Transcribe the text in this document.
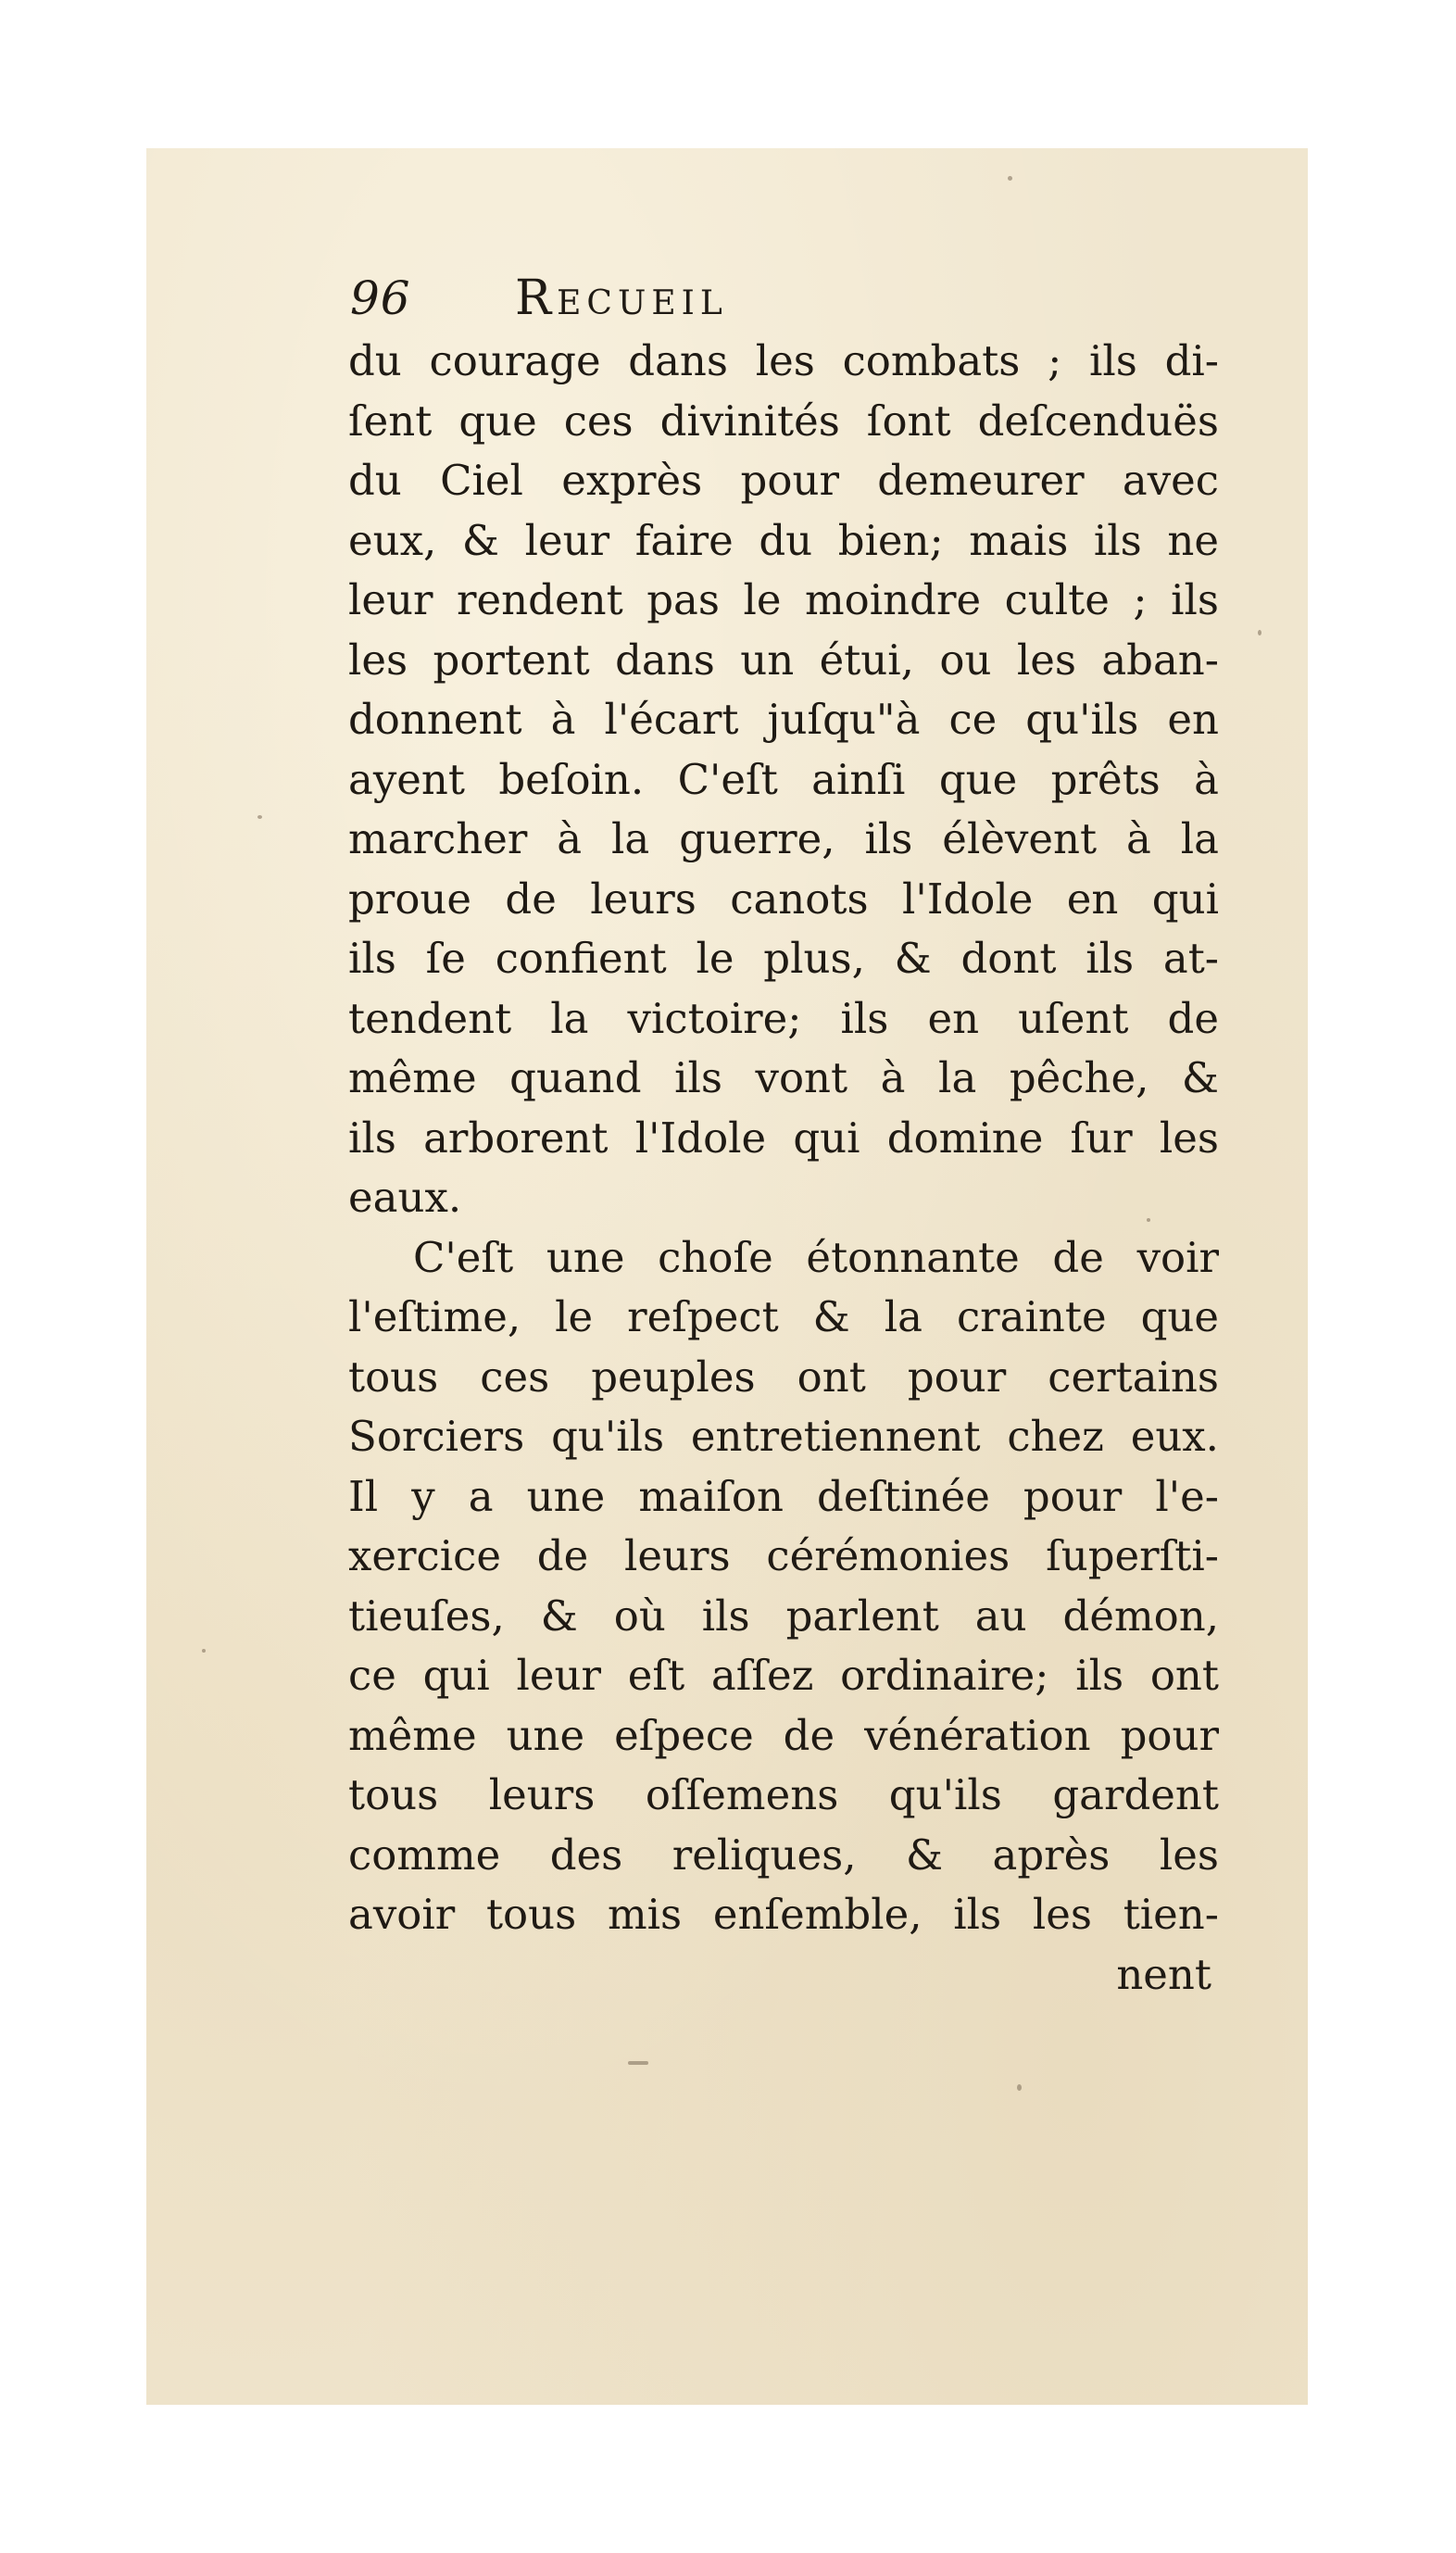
96 Recueil
du courage dans les combats ; ils di-
ſent que ces divinités ſont deſcenduës
du Ciel exprès pour demeurer avec
eux, & leur faire du bien; mais ils ne
leur rendent pas le moindre culte ; ils
les portent dans un étui, ou les aban-
donnent à l'écart juſqu"à ce qu'ils en
ayent beſoin. C'eſt ainſi que prêts à
marcher à la guerre, ils élèvent à la
proue de leurs canots l'Idole en qui
ils ſe confient le plus, & dont ils at-
tendent la victoire; ils en uſent de
même quand ils vont à la pêche, &
ils arborent l'Idole qui domine ſur les
eaux.
C'eſt une choſe étonnante de voir
l'eſtime, le reſpect & la crainte que
tous ces peuples ont pour certains
Sorciers qu'ils entretiennent chez eux.
Il y a une maiſon deſtinée pour l'e-
xercice de leurs cérémonies ſuperſti-
tieuſes, & où ils parlent au démon,
ce qui leur eſt aſſez ordinaire; ils ont
même une eſpece de vénération pour
tous leurs oſſemens qu'ils gardent
comme des reliques, & après les
avoir tous mis enſemble, ils les tien-
nent
